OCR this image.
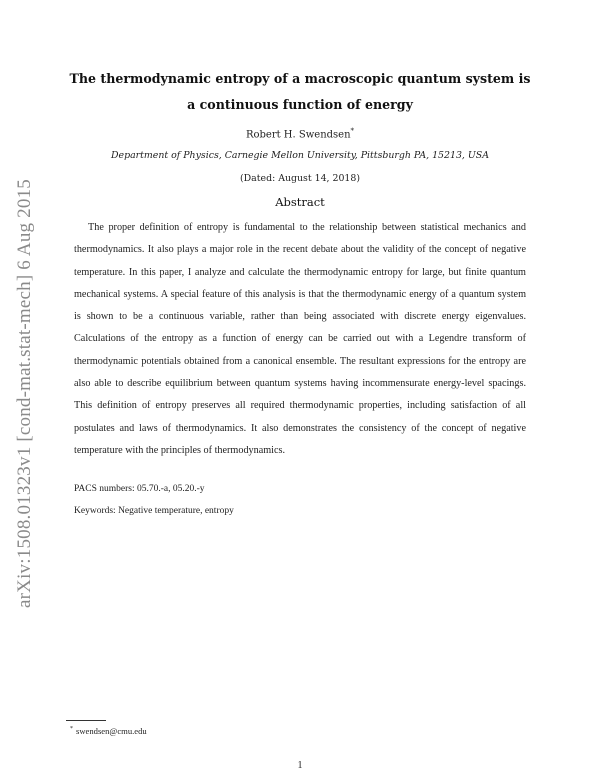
arXiv:1508.01323v1 [cond-mat.stat-mech] 6 Aug 2015
The thermodynamic entropy of a macroscopic quantum system is
a continuous function of energy
Robert H. Swendsen*
Department of Physics, Carnegie Mellon University, Pittsburgh PA, 15213, USA
(Dated: August 14, 2018)
Abstract

The proper definition of entropy is fundamental to the relationship between statistical mechanics and thermodynamics. It also plays a major role in the recent debate about the validity of the concept of negative temperature. In this paper, I analyze and calculate the thermodynamic entropy for large, but finite quantum mechanical systems. A special feature of this analysis is that the thermodynamic energy of a quantum system is shown to be a continuous variable, rather than being associated with discrete energy eigenvalues. Calculations of the entropy as a function of energy can be carried out with a Legendre transform of thermodynamic potentials obtained from a canonical ensemble. The resultant expressions for the entropy are also able to describe equilibrium between quantum systems having incommensurate energy-level spacings. This definition of entropy preserves all required thermodynamic properties, including satisfaction of all postulates and laws of thermodynamics. It also demonstrates the consistency of the concept of negative temperature with the principles of thermodynamics.

PACS numbers: 05.70.-a, 05.20.-y
Keywords: Negative temperature, entropy
* swendsen@cmu.edu
1
